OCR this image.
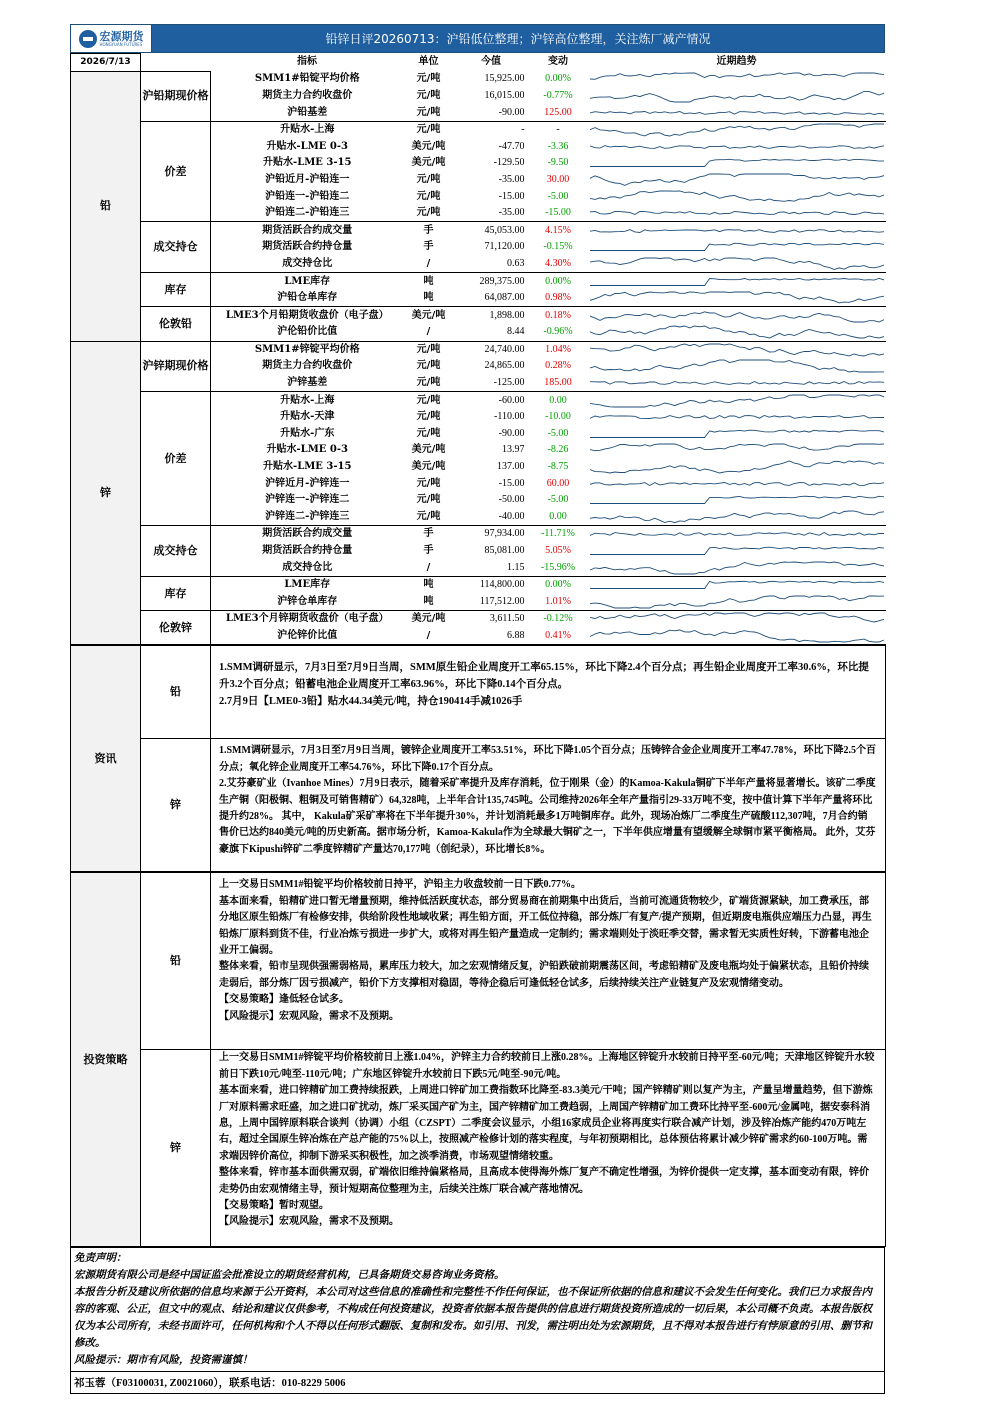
宏源期货
HONGYUAN FUTURES	铅锌日评20260713：沪铅低位整理；沪锌高位整理，关注炼厂减产情况
2026/7/13		指标	单位	今值	变动	近期趋势
铅	沪铅期现价格	SMM1#铅锭平均价格	元/吨	15,925.00	0.00%	

		期货主力合约收盘价	元/吨	16,015.00	-0.77%	

		沪铅基差	元/吨	-90.00	125.00	

	价差	升贴水-上海	元/吨	-	-	

		升贴水-LME 0-3	美元/吨	-47.70	-3.36	

		升贴水-LME 3-15	美元/吨	-129.50	-9.50	

		沪铅近月-沪铅连一	元/吨	-35.00	30.00	

		沪铅连一-沪铅连二	元/吨	-15.00	-5.00	

		沪铅连二-沪铅连三	元/吨	-35.00	-15.00	

	成交持仓	期货活跃合约成交量	手	45,053.00	4.15%	

		期货活跃合约持仓量	手	71,120.00	-0.15%	

		成交持仓比	/	0.63	4.30%	

	库存	LME库存	吨	289,375.00	0.00%	

		沪铅仓单库存	吨	64,087.00	0.98%	

	伦敦铅	LME3个月铅期货收盘价（电子盘）	美元/吨	1,898.00	0.18%	

		沪伦铅价比值	/	8.44	-0.96%	

锌	沪锌期现价格	SMM1#锌锭平均价格	元/吨	24,740.00	1.04%	

		期货主力合约收盘价	元/吨	24,865.00	0.28%	

		沪锌基差	元/吨	-125.00	185.00	

	价差	升贴水-上海	元/吨	-60.00	0.00	

		升贴水-天津	元/吨	-110.00	-10.00	

		升贴水-广东	元/吨	-90.00	-5.00	

		升贴水-LME 0-3	美元/吨	13.97	-8.26	

		升贴水-LME 3-15	美元/吨	137.00	-8.75	

		沪锌近月-沪锌连一	元/吨	-15.00	60.00	

		沪锌连一-沪锌连二	元/吨	-50.00	-5.00	

		沪锌连二-沪锌连三	元/吨	-40.00	0.00	

	成交持仓	期货活跃合约成交量	手	97,934.00	-11.71%	

		期货活跃合约持仓量	手	85,081.00	5.05%	

		成交持仓比	/	1.15	-15.96%	

	库存	LME库存	吨	114,800.00	0.00%	

		沪锌仓单库存	吨	117,512.00	1.01%	

	伦敦锌	LME3个月锌期货收盘价（电子盘）	美元/吨	3,611.50	-0.12%	

		沪伦锌价比值	/	6.88	0.41%	
资讯	铅	1.SMM调研显示，7月3日至7月9日当周，SMM原生铅企业周度开工率65.15%，环比下降2.4个百分点；再生铅企业周度开工率30.6%，环比提升3.2个百分点；铅蓄电池企业周度开工率63.96%，环比下降0.14个百分点。

2.7月9日【LME0-3铅】贴水44.34美元/吨，持仓190414手减1026手

	锌	1.SMM调研显示，7月3日至7月9日当周，镀锌企业周度开工率53.51%，环比下降1.05个百分点；压铸锌合金企业周度开工率47.78%，环比下降2.5个百分点；氧化锌企业周度开工率54.76%，环比下降0.17个百分点。

2.艾芬豪矿业（Ivanhoe Mines）7月9日表示，随着采矿率提升及库存消耗，位于刚果（金）的Kamoa-Kakula铜矿下半年产量将显著增长。该矿二季度生产铜（阳极铜、粗铜及可销售精矿）64,328吨，上半年合计135,745吨。公司维持2026年全年产量指引29-33万吨不变，按中值计算下半年产量将环比提升约28%。 其中， Kakula矿采矿率将在下半年提升30%，并计划消耗最多1万吨铜库存。此外，现场冶炼厂二季度生产硫酸112,307吨，7月合约销售价已达约840美元/吨的历史新高。据市场分析，Kamoa-Kakula作为全球最大铜矿之一，下半年供应增量有望缓解全球铜市紧平衡格局。 此外，艾芬豪旗下Kipushi锌矿二季度锌精矿产量达70,177吨（创纪录），环比增长8%。

投资策略	铅	上一交易日SMM1#铅锭平均价格较前日持平，沪铅主力收盘较前一日下跌0.77%。

基本面来看，铅精矿进口暂无增量预期，维持低活跃度状态，部分贸易商在前期集中出货后，当前可流通货物较少，矿端货源紧缺，加工费承压，部分地区原生铅炼厂有检修安排，供给阶段性地域收紧；再生铅方面，开工低位持稳，部分炼厂有复产/提产预期，但近期废电瓶供应端压力凸显，再生铅炼厂原料到货不佳，行业冶炼亏损进一步扩大，或将对再生铅产量造成一定制约；需求端则处于淡旺季交替，需求暂无实质性好转，下游蓄电池企业开工偏弱。

整体来看，铅市呈现供强需弱格局，累库压力较大，加之宏观情绪反复，沪铅跌破前期震荡区间，考虑铅精矿及废电瓶均处于偏紧状态，且铅价持续走弱后，部分炼厂因亏损减产，铅价下方支撑相对稳固，等待企稳后可逢低轻仓试多，后续持续关注产业链复产及宏观情绪变动。

【交易策略】逢低轻仓试多。

【风险提示】宏观风险，需求不及预期。

	锌	上一交易日SMM1#锌锭平均价格较前日上涨1.04%，沪锌主力合约较前日上涨0.28%。上海地区锌锭升水较前日持平至-60元/吨；天津地区锌锭升水较前日下跌10元/吨至-110元/吨；广东地区锌锭升水较前日下跌5元/吨至-90元/吨。

基本面来看，进口锌精矿加工费持续报跌，上周进口锌矿加工费指数环比降至-83.3美元/干吨；国产锌精矿则以复产为主，产量呈增量趋势，但下游炼厂对原料需求旺盛，加之进口矿扰动，炼厂采买国产矿为主，国产锌精矿加工费趋弱，上周国产锌精矿加工费环比持平至-600元/金属吨，据安泰科消息，上周中国锌原料联合谈判（协调）小组（CZSPT）二季度会议显示，小组16家成员企业将再度实行联合减产计划，涉及锌冶炼产能约470万吨左右，超过全国原生锌冶炼在产总产能的75%以上，按照减产检修计划的落实程度，与年初预期相比，总体预估将累计减少锌矿需求约60-100万吨。需求端因锌价高位，抑制下游采买积极性，加之淡季消费，市场观望情绪较重。

整体来看，锌市基本面供需双弱，矿端依旧维持偏紧格局，且高成本使得海外炼厂复产不确定性增强，为锌价提供一定支撑，基本面变动有限，锌价走势仍由宏观情绪主导，预计短期高位整理为主，后续关注炼厂联合减产落地情况。

【交易策略】暂时观望。

【风险提示】宏观风险，需求不及预期。

免责声明：
宏源期货有限公司是经中国证监会批准设立的期货经营机构，已具备期货交易咨询业务资格。
本报告分析及建议所依据的信息均来源于公开资料，本公司对这些信息的准确性和完整性不作任何保证，也不保证所依据的信息和建议不会发生任何变化。我们已力求报告内容的客观、公正，但文中的观点、结论和建议仅供参考，不构成任何投资建议，投资者依据本报告提供的信息进行期货投资所造成的一切后果，本公司概不负责。本报告版权仅为本公司所有，未经书面许可，任何机构和个人不得以任何形式翻版、复制和发布。如引用、刊发，需注明出处为宏源期货，且不得对本报告进行有悖原意的引用、删节和修改。
风险提示：期市有风险，投资需谨慎！
祁玉蓉（F03100031, Z0021060），联系电话：010-8229 5006
